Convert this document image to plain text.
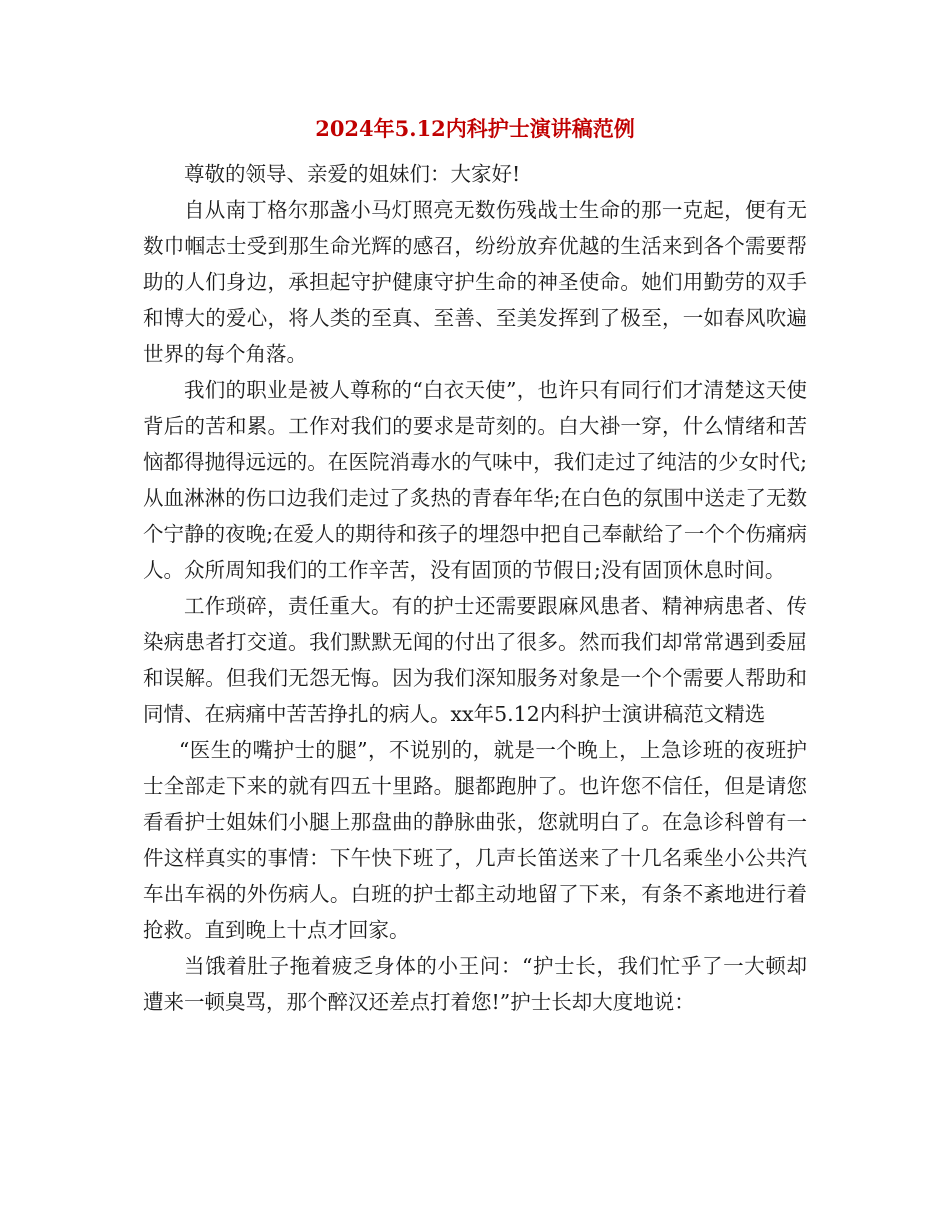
2024年5.12内科护士演讲稿范例

尊敬的领导、亲爱的姐妹们：大家好!

自从南丁格尔那盏小马灯照亮无数伤残战士生命的那一克起，便有无数巾帼志士受到那生命光辉的感召，纷纷放弃优越的生活来到各个需要帮助的人们身边，承担起守护健康守护生命的神圣使命。她们用勤劳的双手和博大的爱心，将人类的至真、至善、至美发挥到了极至，一如春风吹遍世界的每个角落。

我们的职业是被人尊称的“白衣天使”，也许只有同行们才清楚这天使背后的苦和累。工作对我们的要求是苛刻的。白大褂一穿，什么情绪和苦恼都得抛得远远的。在医院消毒水的气味中，我们走过了纯洁的少女时代;从血淋淋的伤口边我们走过了炙热的青春年华;在白色的氛围中送走了无数个宁静的夜晚;在爱人的期待和孩子的埋怨中把自己奉献给了一个个伤痛病人。众所周知我们的工作辛苦，没有固顶的节假日;没有固顶休息时间。

工作琐碎，责任重大。有的护士还需要跟麻风患者、精神病患者、传染病患者打交道。我们默默无闻的付出了很多。然而我们却常常遇到委屈和误解。但我们无怨无悔。因为我们深知服务对象是一个个需要人帮助和同情、在病痛中苦苦挣扎的病人。xx年5.12内科护士演讲稿范文精选

“医生的嘴护士的腿”，不说别的，就是一个晚上，上急诊班的夜班护士全部走下来的就有四五十里路。腿都跑肿了。也许您不信任，但是请您看看护士姐妹们小腿上那盘曲的静脉曲张，您就明白了。在急诊科曾有一件这样真实的事情：下午快下班了，几声长笛送来了十几名乘坐小公共汽车出车祸的外伤病人。白班的护士都主动地留了下来，有条不紊地进行着抢救。直到晚上十点才回家。

当饿着肚子拖着疲乏身体的小王问：“护士长，我们忙乎了一大顿却遭来一顿臭骂，那个醉汉还差点打着您!”护士长却大度地说：
